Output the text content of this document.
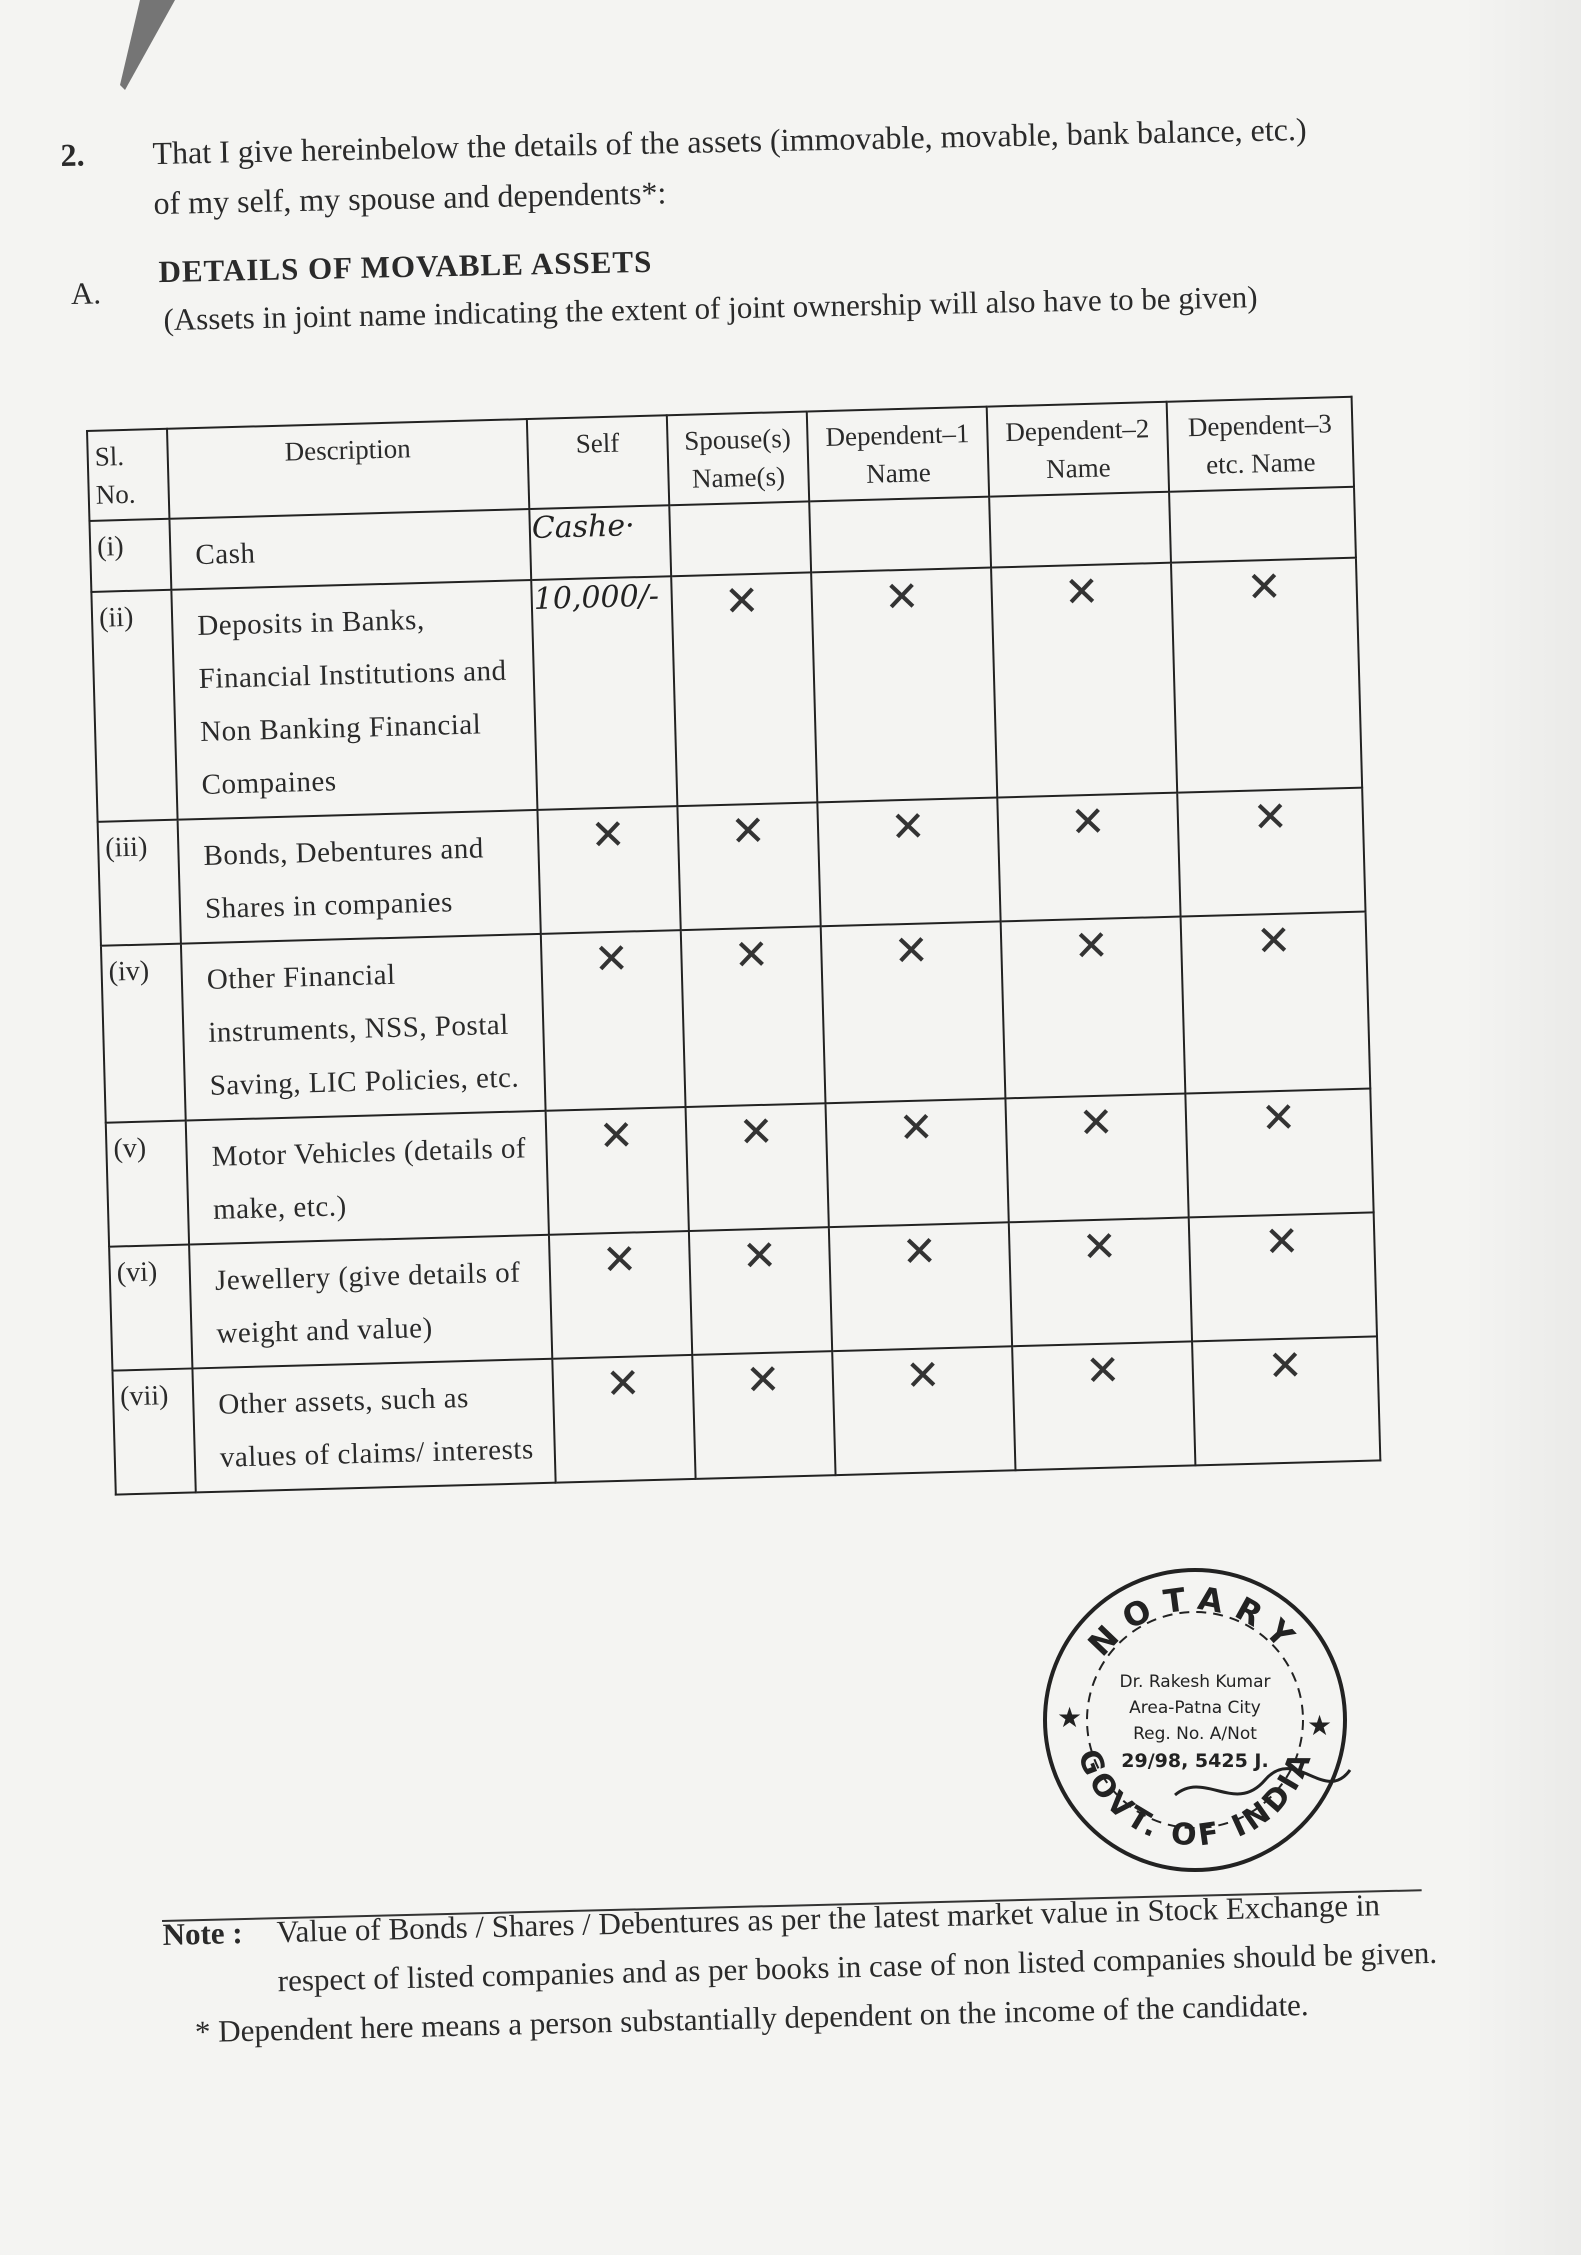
2. That I give hereinbelow the details of the assets (immovable, movable, bank balance, etc.) of my self, my spouse and dependents*:
A.
DETAILS OF MOVABLE ASSETS
(Assets in joint name indicating the extent of joint ownership will also have to be given)
Sl. No.	Description	Self	Spouse(s) Name(s)	Dependent–1 Name	Dependent–2 Name	Dependent–3 etc. Name
(i)	Cash	Cashe·				
(ii)	Deposits in Banks, Financial Institutions and Non Banking Financial Compaines	10,000/-	✕	✕	✕	✕
(iii)	Bonds, Debentures and Shares in companies	✕	✕	✕	✕	✕
(iv)	Other Financial instruments, NSS, Postal Saving, LIC Policies, etc.	✕	✕	✕	✕	✕
(v)	Motor Vehicles (details of make, etc.)	✕	✕	✕	✕	✕
(vi)	Jewellery (give details of weight and value)	✕	✕	✕	✕	✕
(vii)	Other assets, such as values of claims/ interests	✕	✕	✕	✕	✕
NOTARY
GOVT. OF INDIA
Dr. Rakesh Kumar
Area-Patna City
Reg. No. A/Not
29/98, 5425 J.
★	★
Note : Value of Bonds / Shares / Debentures as per the latest market value in Stock Exchange in respect of listed companies and as per books in case of non listed companies should be given.
* Dependent here means a person substantially dependent on the income of the candidate.
